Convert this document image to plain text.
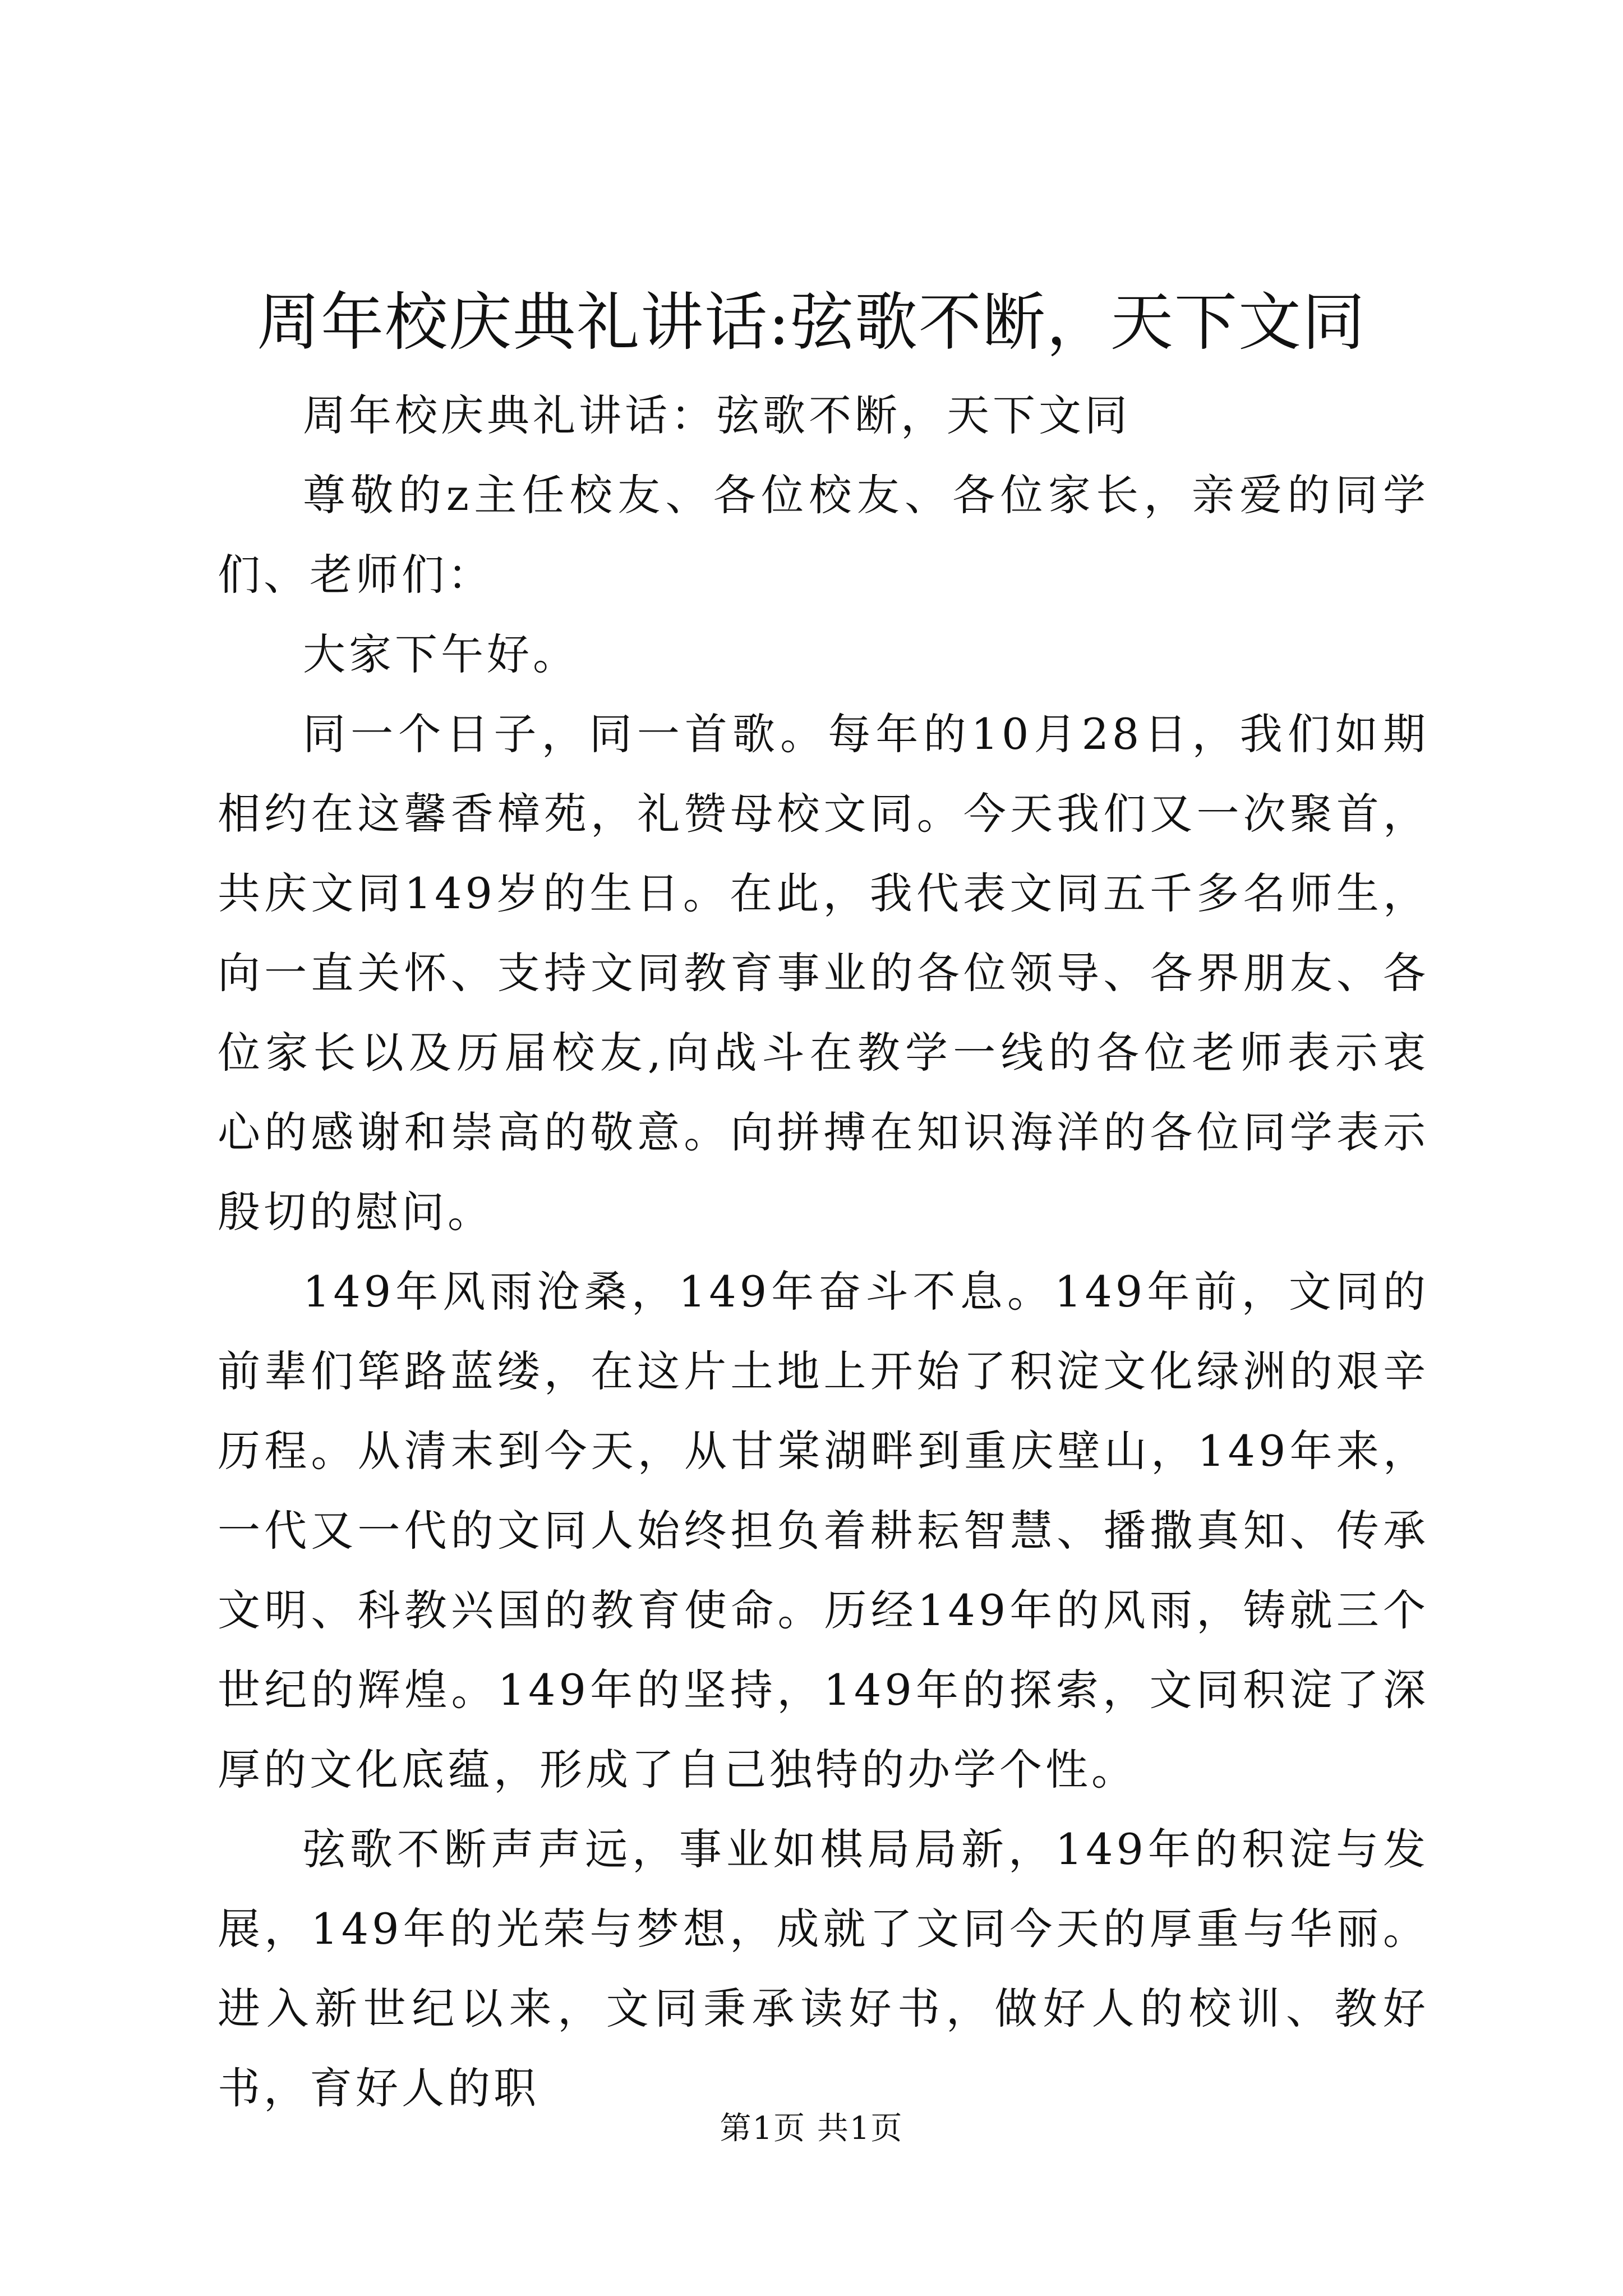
周年校庆典礼讲话:弦歌不断，天下文同

周年校庆典礼讲话：弦歌不断，天下文同

尊敬的z主任校友、各位校友、各位家长，亲爱的同学们、老师们：

大家下午好。

同一个日子，同一首歌。每年的10月28日，我们如期相约在这馨香樟苑，礼赞母校文同。今天我们又一次聚首，共庆文同149岁的生日。在此，我代表文同五千多名师生，向一直关怀、支持文同教育事业的各位领导、各界朋友、各位家长以及历届校友,向战斗在教学一线的各位老师表示衷心的感谢和崇高的敬意。向拼搏在知识海洋的各位同学表示殷切的慰问。

149年风雨沧桑，149年奋斗不息。149年前，文同的前辈们筚路蓝缕，在这片土地上开始了积淀文化绿洲的艰辛历程。从清末到今天，从甘棠湖畔到重庆壁山，149年来，一代又一代的文同人始终担负着耕耘智慧、播撒真知、传承文明、科教兴国的教育使命。历经149年的风雨，铸就三个世纪的辉煌。149年的坚持，149年的探索，文同积淀了深厚的文化底蕴，形成了自己独特的办学个性。

弦歌不断声声远，事业如棋局局新，149年的积淀与发展，149年的光荣与梦想，成就了文同今天的厚重与华丽。进入新世纪以来，文同秉承读好书，做好人的校训、教好书，育好人的职

第1页 共1页
